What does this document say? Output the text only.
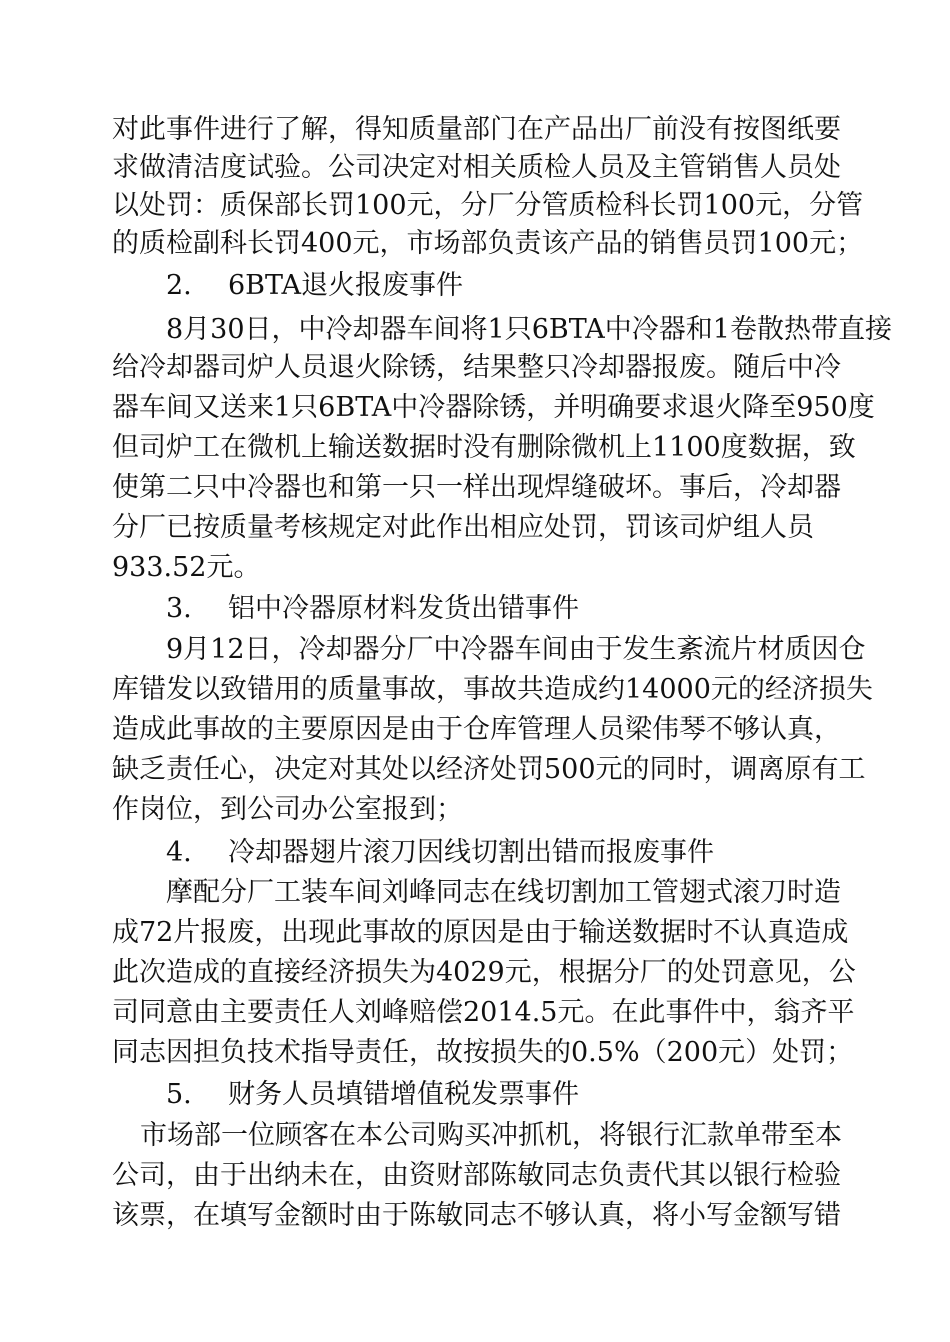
对此事件进行了解，得知质量部门在产品出厂前没有按图纸要
求做清洁度试验。公司决定对相关质检人员及主管销售人员处
以处罚：质保部长罚100元，分厂分管质检科长罚100元，分管
的质检副科长罚400元，市场部负责该产品的销售员罚100元；
2. 6BTA退火报废事件
8月30日，中冷却器车间将1只6BTA中冷器和1卷散热带直接
给冷却器司炉人员退火除锈，结果整只冷却器报废。随后中冷
器车间又送来1只6BTA中冷器除锈，并明确要求退火降至950度
但司炉工在微机上输送数据时没有删除微机上1100度数据，致
使第二只中冷器也和第一只一样出现焊缝破坏。事后，冷却器
分厂已按质量考核规定对此作出相应处罚，罚该司炉组人员
933.52元。
3. 铝中冷器原材料发货出错事件
9月12日，冷却器分厂中冷器车间由于发生紊流片材质因仓
库错发以致错用的质量事故，事故共造成约14000元的经济损失
造成此事故的主要原因是由于仓库管理人员梁伟琴不够认真，
缺乏责任心，决定对其处以经济处罚500元的同时，调离原有工
作岗位，到公司办公室报到；
4. 冷却器翅片滚刀因线切割出错而报废事件
摩配分厂工装车间刘峰同志在线切割加工管翅式滚刀时造
成72片报废，出现此事故的原因是由于输送数据时不认真造成
此次造成的直接经济损失为4029元，根据分厂的处罚意见，公
司同意由主要责任人刘峰赔偿2014.5元。在此事件中，翁齐平
同志因担负技术指导责任，故按损失的0.5%（200元）处罚；
5. 财务人员填错增值税发票事件
市场部一位顾客在本公司购买冲抓机，将银行汇款单带至本
公司，由于出纳未在，由资财部陈敏同志负责代其以银行检验
该票，在填写金额时由于陈敏同志不够认真，将小写金额写错
